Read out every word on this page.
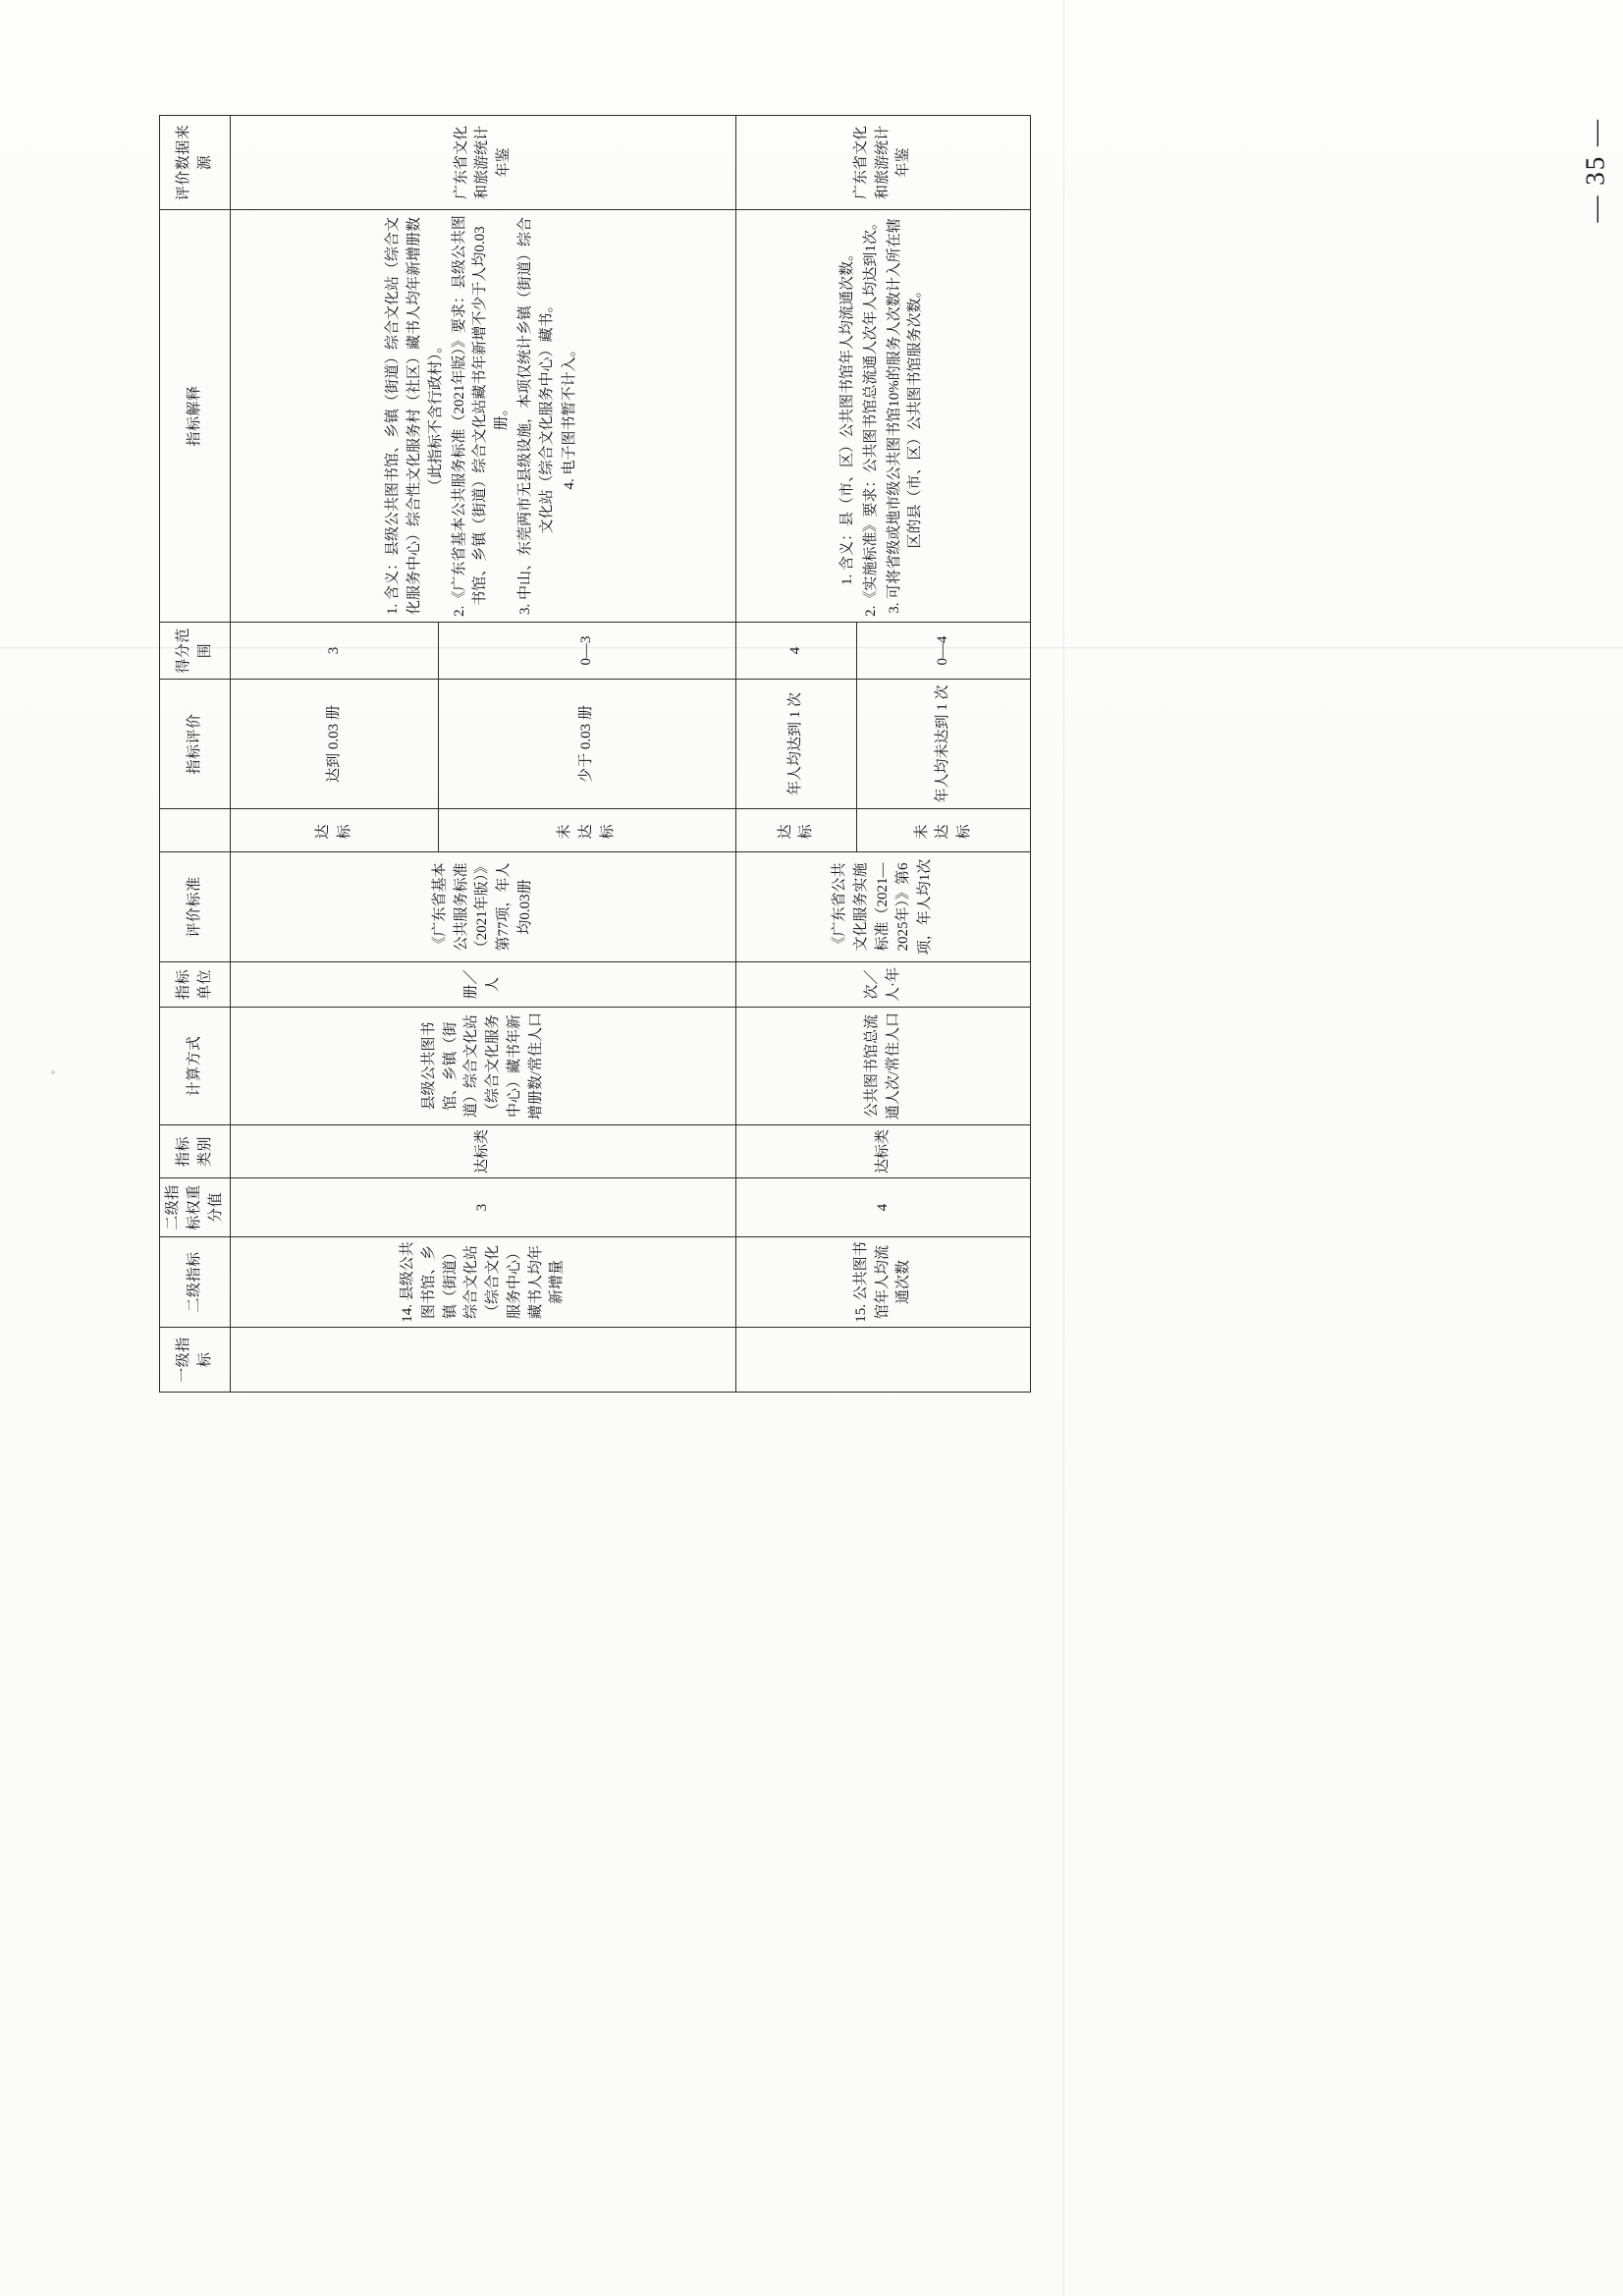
— 35 —
一级指标	二级指标	二级指标权重分值	指标类别	计算方式	指标单位	评价标准		指标评价	得分范围	指标解释	评价数据来源
	14. 县级公共图书馆、乡镇（街道）综合文化站（综合文化服务中心）藏书人均年新增量	3	达标类	县级公共图书馆、乡镇（街道）综合文化站（综合文化服务中心）藏书年新增册数/常住人口	册／人	《广东省基本公共服务标准（2021年版）》第77项，年人均0.03册	达标	达到 0.03 册	3	1. 含义：县级公共图书馆、乡镇（街道）综合文化站（综合文化服务中心）综合性文化服务村（社区）藏书人均年新增册数（此指标不含行政村）。 2.《广东省基本公共服务标准（2021年版）》要求：县级公共图书馆、乡镇（街道）综合文化站藏书年新增不少于人均0.03册。 3. 中山、东莞两市无县级设施，本项仅统计乡镇（街道）综合文化站（综合文化服务中心）藏书。 4. 电子图书暂不计入。	广东省文化和旅游统计年鉴
							未达标	少于 0.03 册	0—3		
	15. 公共图书馆年人均流通次数	4	达标类	公共图书馆总流通人次/常住人口	次／人·年	《广东省公共文化服务实施标准（2021—2025年）》第6项，年人均1次	达标	年人均达到 1 次	4	1. 含义：县（市、区）公共图书馆年人均流通次数。 2.《实施标准》要求：公共图书馆总流通人次年人均达到1次。 3. 可将省级或地市级公共图书馆10%的服务人次数计入所在辖区的县（市、区）公共图书馆服务次数。	广东省文化和旅游统计年鉴
							未达标	年人均未达到 1 次	0—4		
